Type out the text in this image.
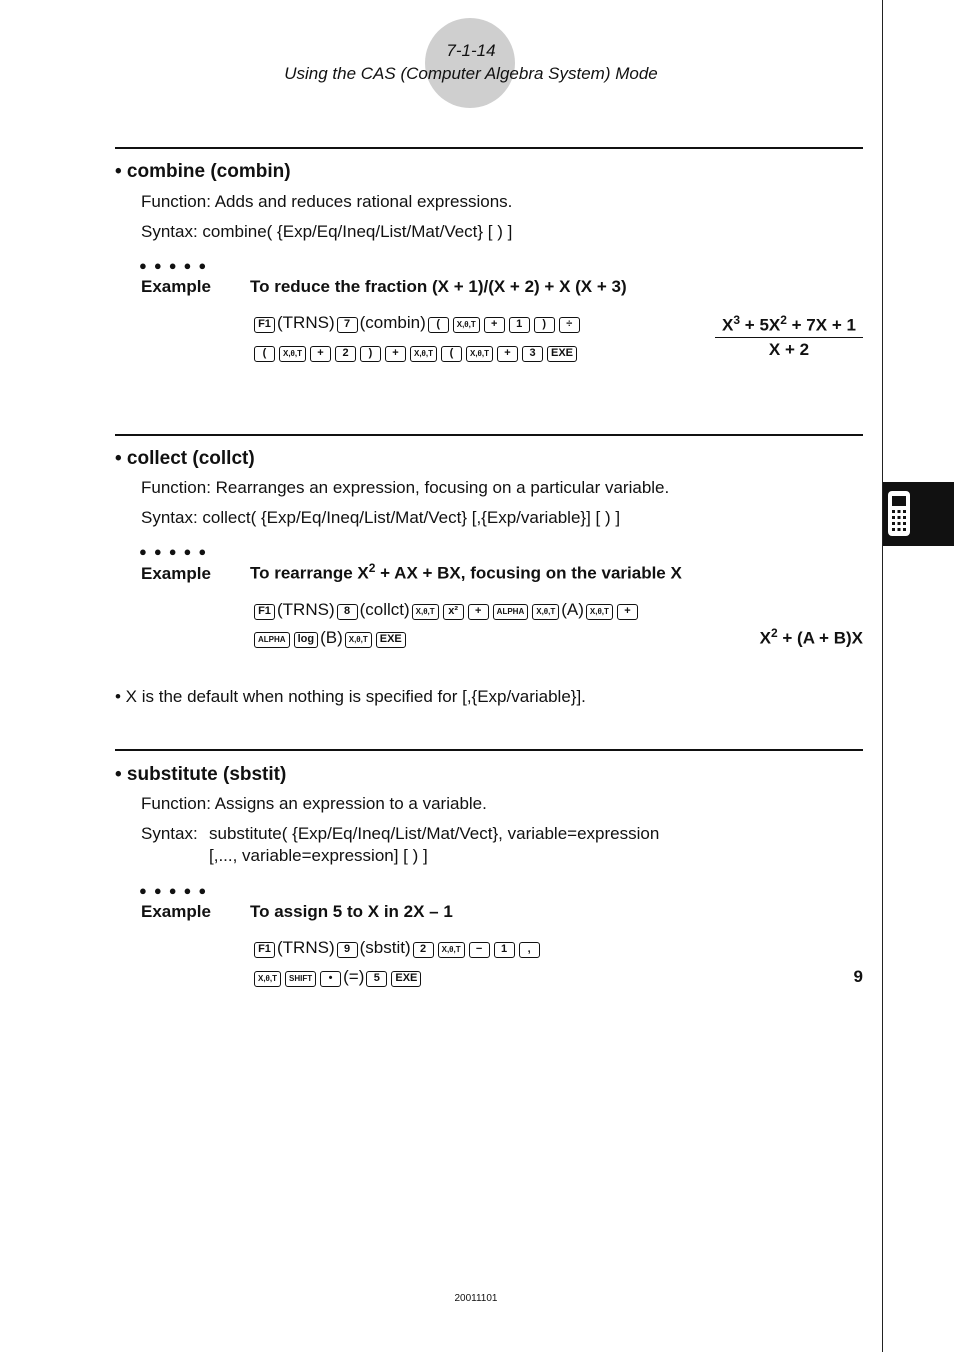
7-1-14
Using the CAS (Computer Algebra System) Mode
• combine (combin)
Function: Adds and reduces rational expressions.
Syntax: combine( {Exp/Eq/Ineq/List/Mat/Vect} [ ) ]
●●●●●
Example To reduce the fraction (X + 1)/(X + 2) + X (X + 3)
F1 (TRNS) 7 (combin) ( X,θ,T + 1 ) ÷
( X,θ,T + 2 ) + X,θ,T ( X,θ,T + 3 EXE
$X^3 + 5X^2 + 7X + 1$
X + 2
• collect (collct)
Function: Rearranges an expression, focusing on a particular variable.
Syntax: collect( {Exp/Eq/Ineq/List/Mat/Vect} [,{Exp/variable}] [ ) ]
●●●●●
Example To rearrange $X^2$ + AX + BX, focusing on the variable X
F1 (TRNS) 8 (collct) X,θ,T x² + ALPHA X,θ,T (A) X,θ,T +
ALPHA log (B) X,θ,T EXE	$X^2 + (A + B)X$
• X is the default when nothing is specified for [,{Exp/variable}].
• substitute (sbstit)
Function: Assigns an expression to a variable.
Syntax: substitute( {Exp/Eq/Ineq/List/Mat/Vect}, variable=expression
[,..., variable=expression] [ ) ]
●●●●●
Example To assign 5 to X in 2X – 1
F1 (TRNS) 9 (sbstit) 2 X,θ,T − 1 ,
X,θ,T SHIFT • (=) 5 EXE	9
20011101
